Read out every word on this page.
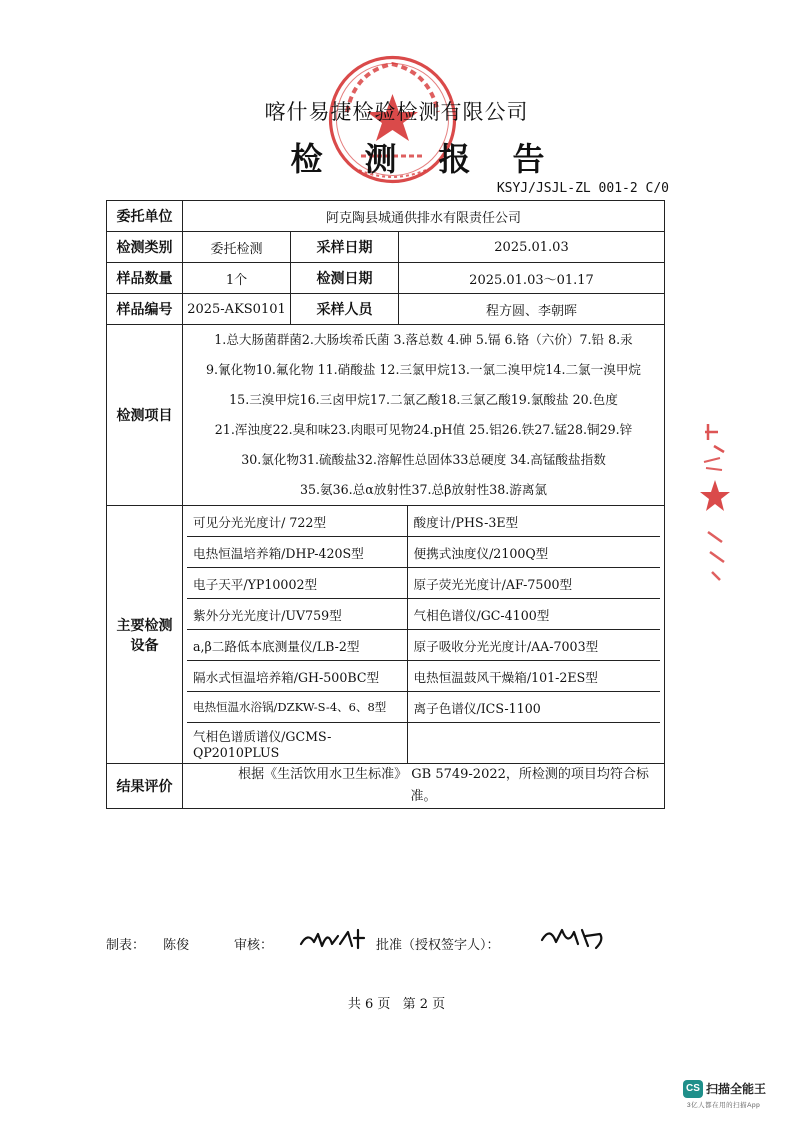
喀什易捷检验检测有限公司
检测报告
KSYJ/JSJL-ZL 001-2 C/0
委托单位	阿克陶县城通供排水有限责任公司
检测类别	委托检测	采样日期	2025.01.03
样品数量	1个	检测日期	2025.01.03～01.17
样品编号	2025-AKS0101	采样人员	程方圆、李朝晖
检测项目	
1.总大肠菌群菌2.大肠埃希氏菌 3.落总数 4.砷 5.镉 6.铬（六价）7.铅 8.汞
9.氰化物10.氟化物 11.硝酸盐 12.三氯甲烷13.一氯二溴甲烷14.二氯一溴甲烷
15.三溴甲烷16.三卤甲烷17.二氯乙酸18.三氯乙酸19.氯酸盐 20.色度
21.浑浊度22.臭和味23.肉眼可见物24.pH值 25.铝26.铁27.锰28.铜29.锌
30.氯化物31.硫酸盐32.溶解性总固体33总硬度 34.高锰酸盐指数
35.氨36.总α放射性37.总β放射性38.游离氯

主要检测
设备

可见分光光度计/ 722型	酸度计/PHS-3E型
电热恒温培养箱/DHP-420S型	便携式浊度仪/2100Q型
电子天平/YP10002型	原子荧光光度计/AF-7500型
紫外分光光度计/UV759型	气相色谱仪/GC-4100型
a,β二路低本底测量仪/LB-2型	原子吸收分光光度计/AA-7003型
隔水式恒温培养箱/GH-500BC型	电热恒温鼓风干燥箱/101-2ES型
电热恒温水浴锅/DZKW-S-4、6、8型	离子色谱仪/ICS-1100
气相色谱质谱仪/GCMS-QP2010PLUS	

结果评价	根据《生活饮用水卫生标准》 GB 5749-2022，所检测的项目均符合标准。
制表： 陈俊	审核：	批准（授权签字人）：
共 6 页 第 2 页
CS 扫描全能王
3亿人都在用的扫描App
